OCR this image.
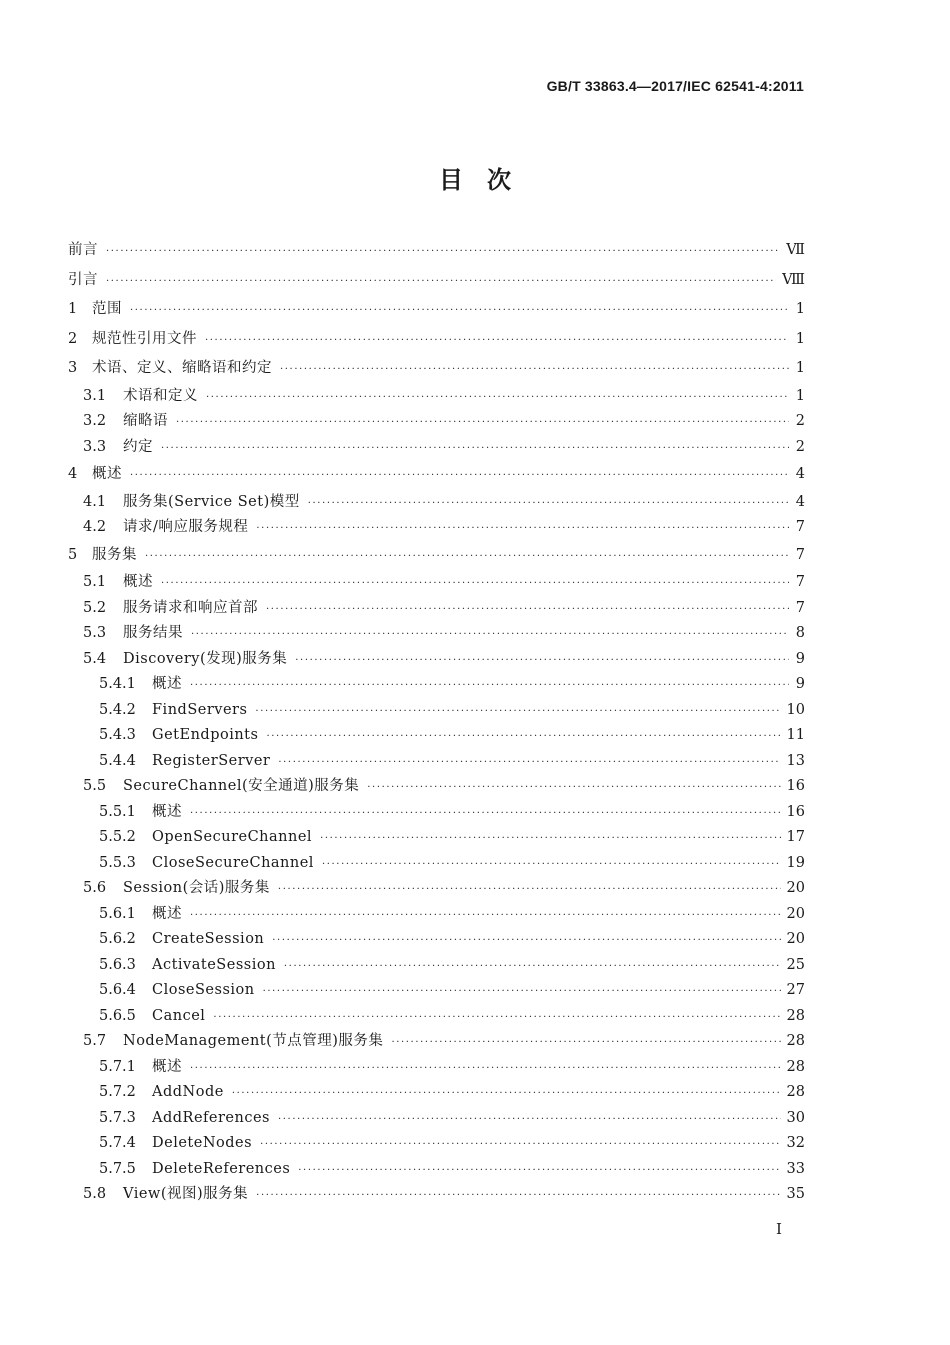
GB/T 33863.4—2017/IEC 62541-4:2011
目　次
前言 ·····	Ⅶ
引言 ·····	Ⅷ
1	范围 ·····	1
2	规范性引用文件 ·····	1
3	术语、定义、缩略语和约定 ·····	1
3.1	术语和定义 ·····	1
3.2	缩略语 ·····	2
3.3	约定 ·····	2
4	概述 ·····	4
4.1	服务集(Service Set)模型 ·····	4
4.2	请求/响应服务规程 ·····	7
5	服务集 ·····	7
5.1	概述 ·····	7
5.2	服务请求和响应首部 ·····	7
5.3	服务结果 ·····	8
5.4	Discovery(发现)服务集 ·····	9
5.4.1	概述 ·····	9
5.4.2	FindServers ·····	10
5.4.3	GetEndpoints ·····	11
5.4.4	RegisterServer ·····	13
5.5	SecureChannel(安全通道)服务集 ·····	16
5.5.1	概述 ·····	16
5.5.2	OpenSecureChannel ·····	17
5.5.3	CloseSecureChannel ·····	19
5.6	Session(会话)服务集 ·····	20
5.6.1	概述 ·····	20
5.6.2	CreateSession ·····	20
5.6.3	ActivateSession ·····	25
5.6.4	CloseSession ·····	27
5.6.5	Cancel ·····	28
5.7	NodeManagement(节点管理)服务集 ·····	28
5.7.1	概述 ·····	28
5.7.2	AddNode ·····	28
5.7.3	AddReferences ·····	30
5.7.4	DeleteNodes ·····	32
5.7.5	DeleteReferences ·····	33
5.8	View(视图)服务集 ·····	35
I
